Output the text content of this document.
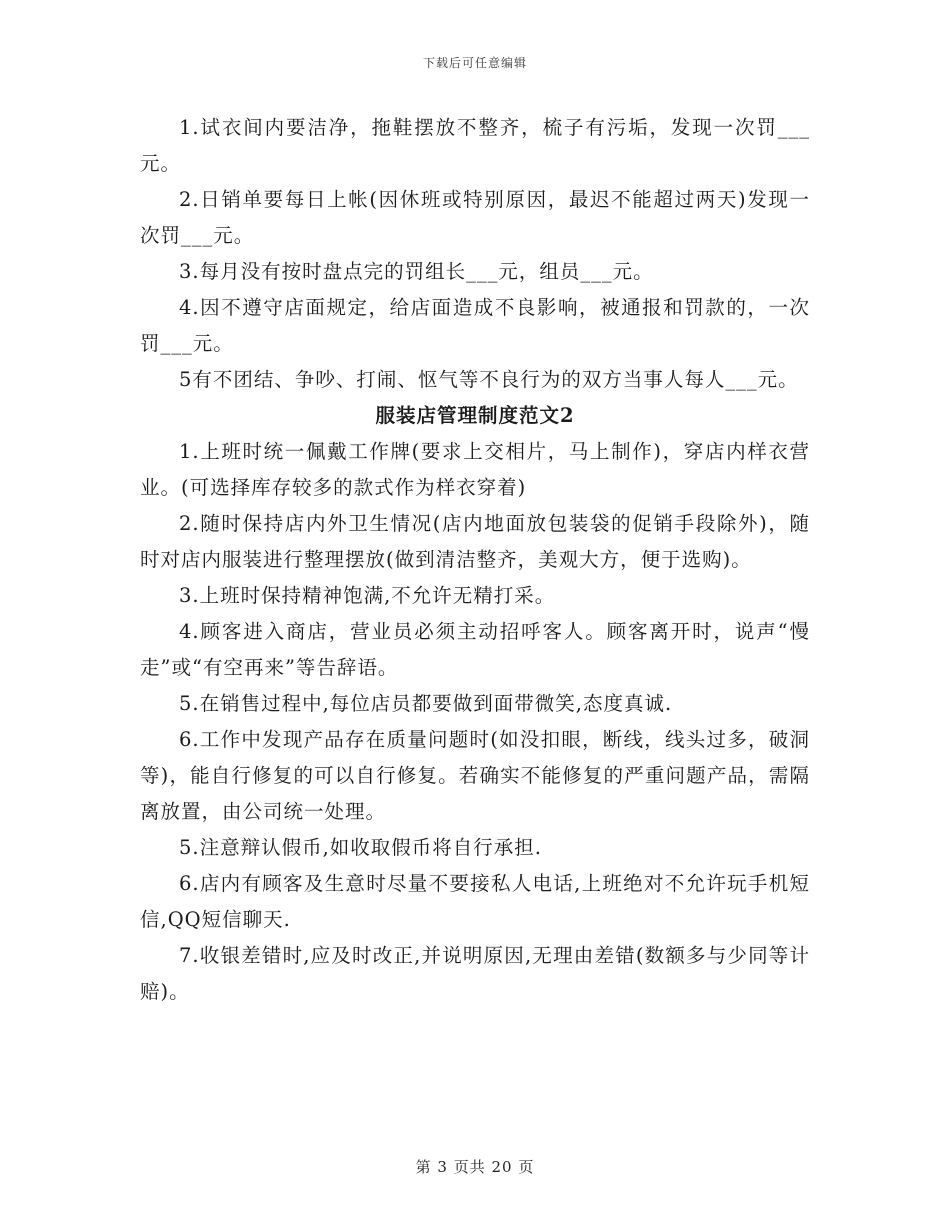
下载后可任意编辑

1.试衣间内要洁净，拖鞋摆放不整齐，梳子有污垢，发现一次罚___元。

2.日销单要每日上帐(因休班或特别原因，最迟不能超过两天)发现一次罚___元。

3.每月没有按时盘点完的罚组长___元，组员___元。

4.因不遵守店面规定，给店面造成不良影响，被通报和罚款的，一次罚___元。

5有不团结、争吵、打闹、怄气等不良行为的双方当事人每人___元。

服装店管理制度范文2

1.上班时统一佩戴工作牌(要求上交相片，马上制作)，穿店内样衣营业。(可选择库存较多的款式作为样衣穿着)

2.随时保持店内外卫生情况(店内地面放包装袋的促销手段除外)，随时对店内服装进行整理摆放(做到清洁整齐，美观大方，便于选购)。

3.上班时保持精神饱满,不允许无精打采。

4.顾客进入商店，营业员必须主动招呼客人。顾客离开时，说声“慢走”或“有空再来”等告辞语。

5.在销售过程中,每位店员都要做到面带微笑,态度真诚.

6.工作中发现产品存在质量问题时(如没扣眼，断线，线头过多，破洞等)，能自行修复的可以自行修复。若确实不能修复的严重问题产品，需隔离放置，由公司统一处理。

5.注意辩认假币,如收取假币将自行承担.

6.店内有顾客及生意时尽量不要接私人电话,上班绝对不允许玩手机短信,QQ短信聊天.

7.收银差错时,应及时改正,并说明原因,无理由差错(数额多与少同等计赔)。

第 3 页共 20 页
